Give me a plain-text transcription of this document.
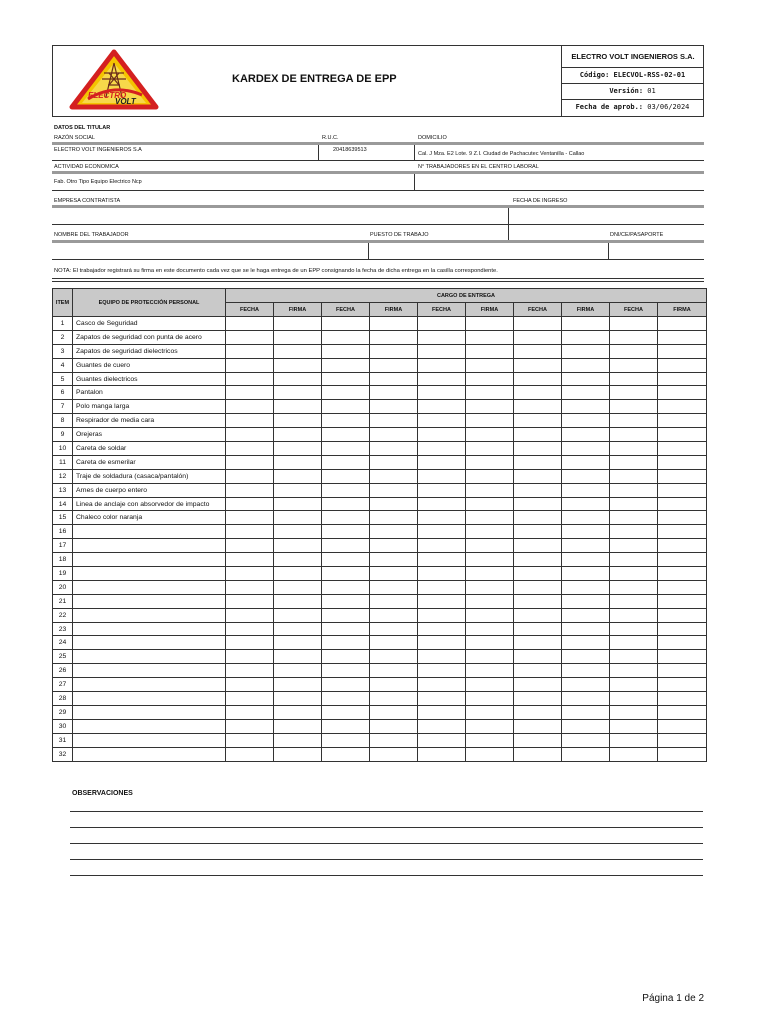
ELECTRO
VOLT
KARDEX DE ENTREGA DE EPP
ELECTRO VOLT INGENIEROS S.A.
Código: ELECVOL-RSS-02-01
Versión: 01
Fecha de aprob.: 03/06/2024
DATOS DEL TITULAR
RAZÓN SOCIAL	R.U.C.	DOMICILIO
ELECTRO VOLT INGENIEROS S.A	20418639513
Cal. J Mza. E2 Lote. 9 Z.I. Ciudad de Pachacutec Ventanilla - Callao
ACTIVIDAD ECONOMICA	N° TRABAJADORES EN EL CENTRO LABORAL
Fab. Otro Tipo Equipo Electrico Ncp
EMPRESA CONTRATISTA	FECHA DE INGRESO
NOMBRE DEL TRABAJADOR	PUESTO DE TRABAJO	DNI/CE/PASAPORTE
NOTA: El trabajador registrará su firma en este documento cada vez que se le haga entrega de un EPP consignando la fecha de dicha entrega en la casilla correspondiente.
ITEM	EQUIPO DE PROTECCIÓN PERSONAL	CARGO DE ENTREGA									
		FECHA	FIRMA	FECHA	FIRMA	FECHA	FIRMA	FECHA	FIRMA	FECHA	FIRMA
1	Casco de Seguridad										
2	Zapatos de seguridad con punta de acero										
3	Zapatos de seguridad dielectricos										
4	Guantes de cuero										
5	Guantes dielectricos										
6	Pantalon										
7	Polo manga larga										
8	Respirador de media cara										
9	Orejeras										
10	Careta de soldar										
11	Careta de esmerilar										
12	Traje de soldadura (casaca/pantalón)										
13	Arnes de cuerpo entero										
14	Linea de anclaje con absorvedor de impacto										
15	Chaleco color naranja										
16											
17											
18											
19											
20											
21											
22											
23											
24											
25											
26											
27											
28											
29											
30											
31											
32											
OBSERVACIONES
Página 1 de 2
